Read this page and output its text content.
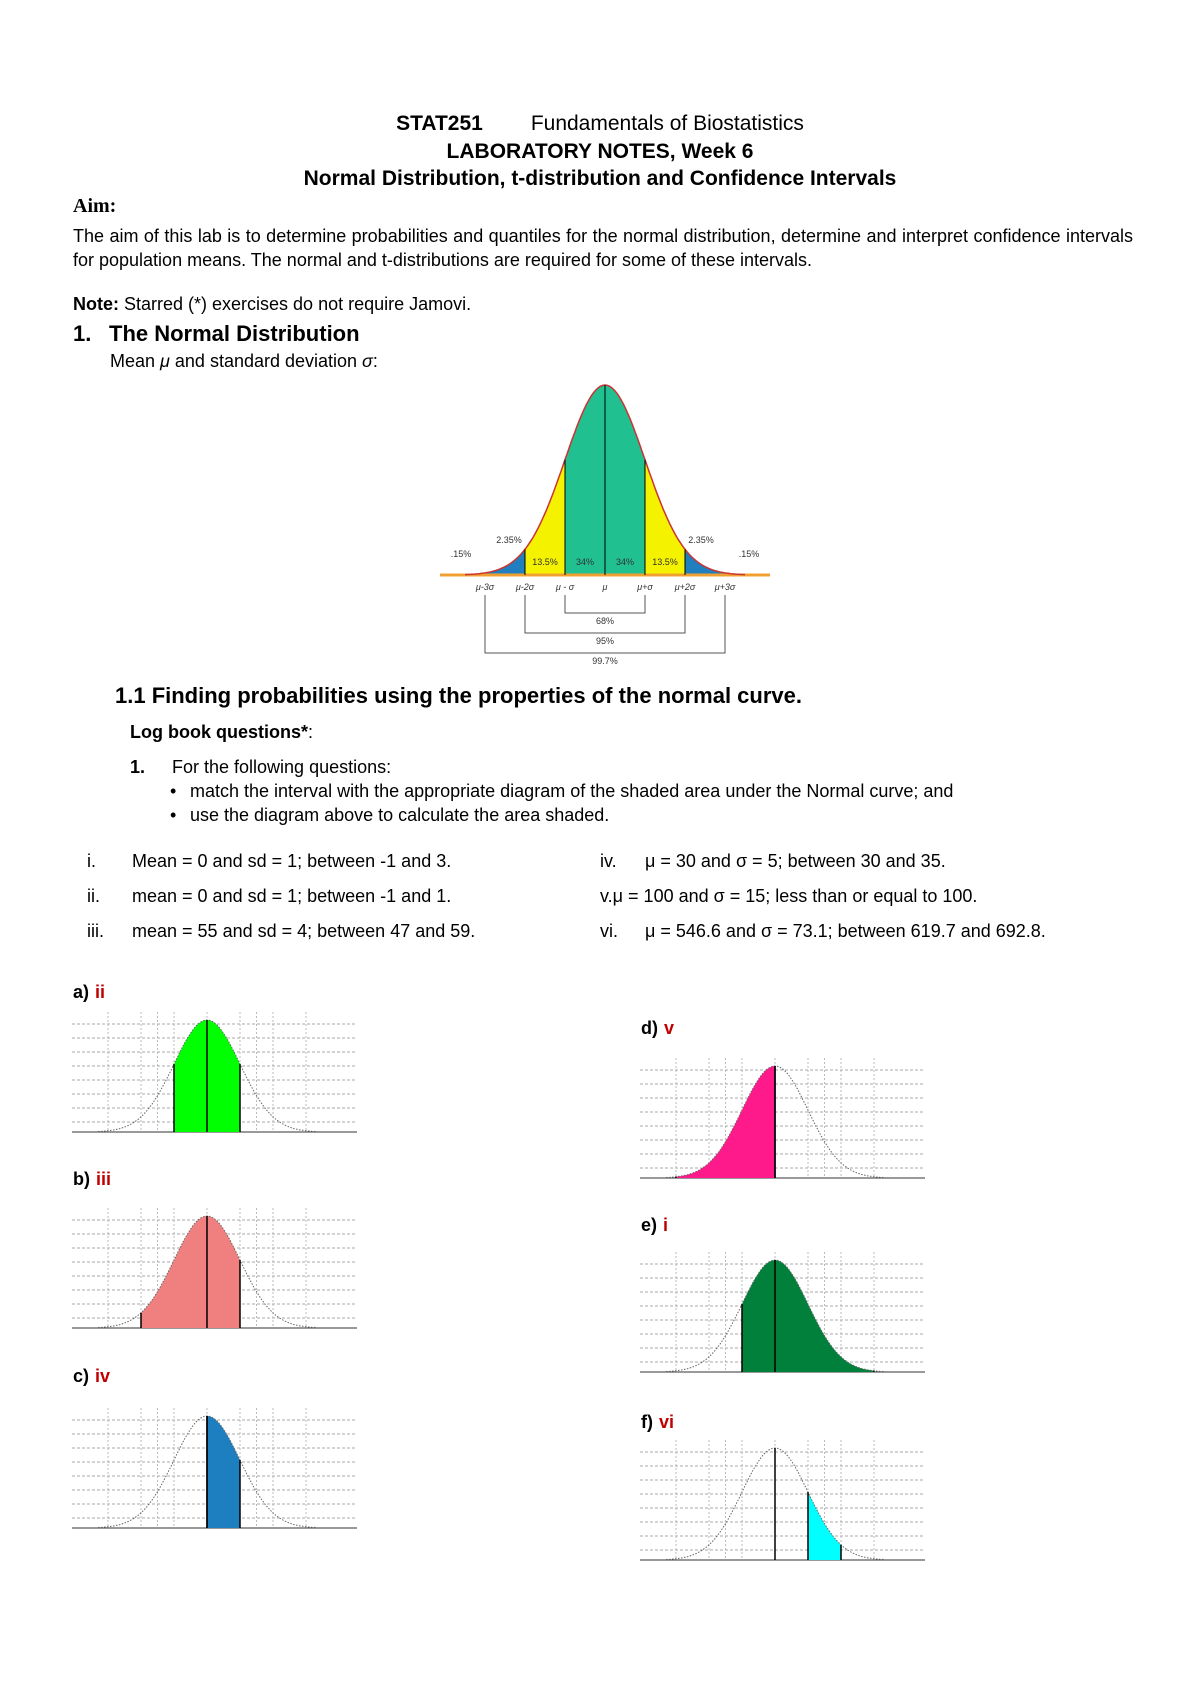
STAT251 Fundamentals of Biostatistics
LABORATORY NOTES, Week 6
Normal Distribution, t-distribution and Confidence Intervals
Aim:
The aim of this lab is to determine probabilities and quantiles for the normal distribution, determine and interpret confidence intervals for population means. The normal and t-distributions are required for some of these intervals.
Note: Starred (*) exercises do not require Jamovi.
1. The Normal Distribution
Mean μ and standard deviation σ:
.15%
2.35%
13.5% 34% 34% 13.5%
2.35%
.15%
μ-3σ μ-2σ μ - σ	μ	μ+σ μ+2σ μ+3σ
68%
95%
99.7%
1.1 Finding probabilities using the properties of the normal curve.
Log book questions*:
1. For the following questions:
• match the interval with the appropriate diagram of the shaded area under the Normal curve; and
• use the diagram above to calculate the area shaded.
i. Mean = 0 and sd = 1; between -1 and 3.
ii. mean = 0 and sd = 1; between -1 and 1.
iii. mean = 55 and sd = 4; between 47 and 59.
iv. μ = 30 and σ = 5; between 30 and 35.
v.μ = 100 and σ = 15; less than or equal to 100.
vi. μ = 546.6 and σ = 73.1; between 619.7 and 692.8.
a) ii
b) iii
c) iv
d) v
e) i
f) vi
